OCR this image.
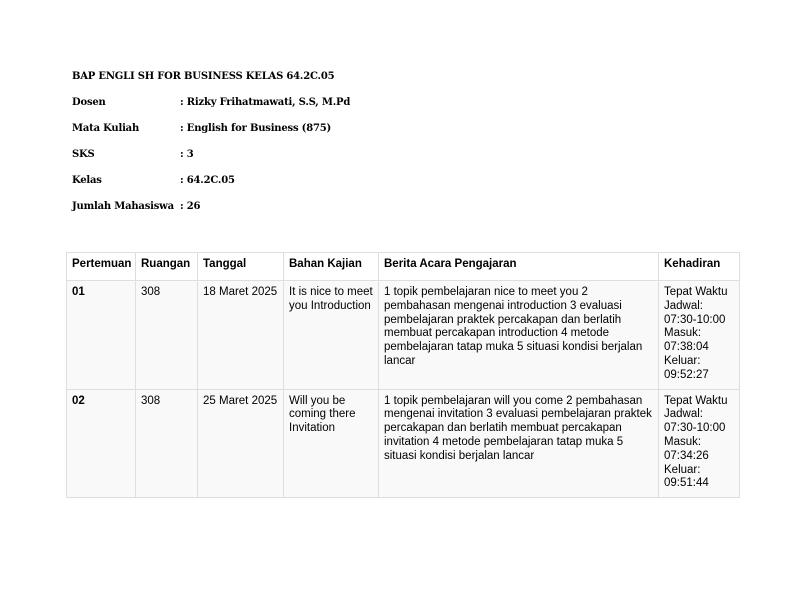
BAP ENGLI SH FOR BUSINESS KELAS 64.2C.05
Dosen	: Rizky Frihatmawati, S.S, M.Pd
Mata Kuliah	: English for Business (875)
SKS	: 3
Kelas	: 64.2C.05
Jumlah Mahasiswa : 26
Pertemuan	Ruangan	Tanggal	Bahan Kajian	Berita Acara Pengajaran	Kehadiran
01	308	18 Maret 2025	It is nice to meet you Introduction	1 topik pembelajaran nice to meet you 2 pembahasan mengenai introduction 3 evaluasi pembelajaran praktek percakapan dan berlatih membuat percakapan introduction 4 metode pembelajaran tatap muka 5 situasi kondisi berjalan lancar	Tepat Waktu Jadwal: 07:30-10:00 Masuk: 07:38:04 Keluar: 09:52:27
02	308	25 Maret 2025	Will you be coming there Invitation	1 topik pembelajaran will you come 2 pembahasan mengenai invitation 3 evaluasi pembelajaran praktek percakapan dan berlatih membuat percakapan invitation 4 metode pembelajaran tatap muka 5 situasi kondisi berjalan lancar	Tepat Waktu Jadwal: 07:30-10:00 Masuk: 07:34:26 Keluar: 09:51:44
